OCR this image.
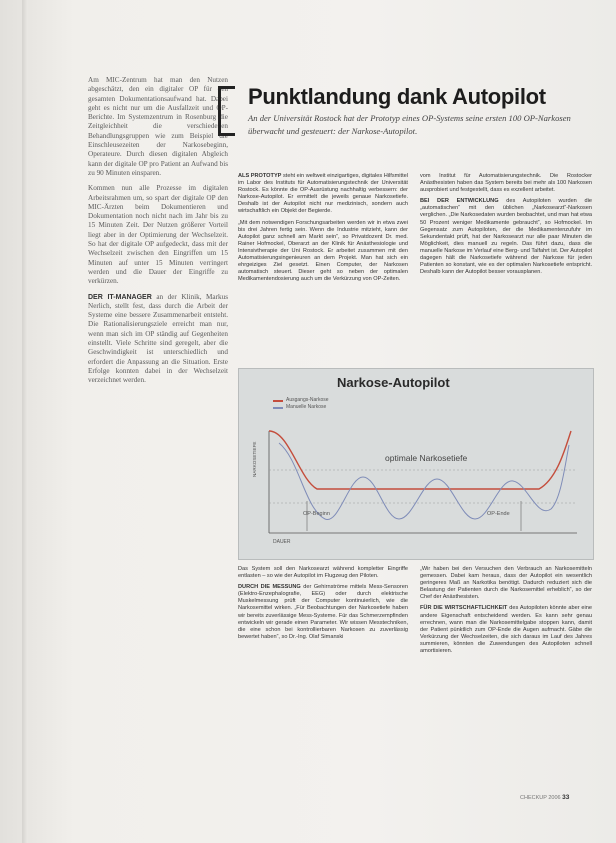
Am MIC-Zentrum hat man den Nutzen abgeschätzt, den ein digitaler OP für den gesamten Dokumentationsaufwand hat. Dabei geht es nicht nur um die Ausfallzeit und OP-Berichte. Im Systemzentrum in Rosenburg die Zeitgleichheit die verschiedenen Behandlungsgruppen wie zum Beispiel die Einschleusezeiten der Narkosebeginn, Operateure. Durch diesen digitalen Abgleich kann der digitale OP pro Patient an Aufwand bis zu 90 Minuten einsparen.

Kommen nun alle Prozesse im digitalen Arbeitsrahmen um, so spart der digitale OP den MIC-Ärzten beim Dokumentieren und Dokumentation noch nicht nach im Jahr bis zu 15 Minuten Zeit. Der Nutzen größerer Vorteil liegt aber in der Optimierung der Wechselzeit. So hat der digitale OP aufgedeckt, dass mit der Wechselzeit zwischen den Eingriffen um 15 Minuten auf unter 15 Minuten verringert werden und die Dauer der Eingriffe zu verkürzen.

DER IT-MANAGER an der Klinik, Markus Nerlich, stellt fest, dass durch die Arbeit der Systeme eine bessere Zusammenarbeit entsteht. Die Rationalisierungsziele erreicht man nur, wenn man sich im OP ständig auf Gegenheiten einstellt. Viele Schritte sind geregelt, aber die Geschwindigkeit ist unterschiedlich und erfordert die Anpassung an die Situation. Erste Erfolge konnten dabei in der Wechselzeit verzeichnet werden.

Punktlandung dank Autopilot
An der Universität Rostock hat der Prototyp eines OP-Systems seine ersten 100 OP-Narkosen überwacht und gesteuert: der Narkose-Autopilot.

ALS PROTOTYP steht ein weltweit einzigartiges, digitales Hilfsmittel im Labor des Instituts für Automatisierungstechnik der Universität Rostock. Es könnte die OP-Ausrüstung nachhaltig verbessern: der Narkose-Autopilot. Er ermittelt die jeweils genaue Narkosetiefe. Deshalb ist der Autopilot nicht nur medizinisch, sondern auch wirtschaftlich ein Objekt der Begierde.

„Mit dem notwendigen Forschungsarbeiten werden wir in etwa zwei bis drei Jahren fertig sein. Wenn die Industrie mitzieht, kann der Autopilot ganz schnell am Markt sein“, so Privatdozent Dr. med. Rainer Hofmockel, Oberarzt an der Klinik für Anästhesiologie und Intensivtherapie der Uni Rostock. Er arbeitet zusammen mit den Automatisierungsingenieuren an dem Projekt. Man hat sich ein ehrgeiziges Ziel gesetzt. Einen Computer, der Narkosen automatisch steuert. Dieser geht so neben der optimalen Medikamentendosierung auch um die Verkürzung von OP-Zeiten.

vom Institut für Automatisierungstechnik. Die Rostocker Anästhesisten haben das System bereits bei mehr als 100 Narkosen ausprobiert und festgestellt, dass es exzellent arbeitet.

BEI DER ENTWICKLUNG des Autopiloten wurden die „automatischen“ mit den üblichen „Narkosearzt“-Narkosen verglichen. „Die Narkosedaten wurden beobachtet, und man hat etwa 50 Prozent weniger Medikamente gebraucht“, so Hofmockel. Im Gegensatz zum Autopiloten, der die Medikamentenzufuhr im Sekundentakt prüft, hat der Narkosearzt nur alle paar Minuten die Möglichkeit, dies manuell zu regeln. Das führt dazu, dass die manuelle Narkose im Verlauf eine Berg- und Talfahrt ist. Der Autopilot dagegen hält die Narkosetiefe während der Narkose für jeden Patienten so konstant, wie es der optimalen Narkosetiefe entspricht. Deshalb kann der Autopilot besser vorausplanen.

Narkose-Autopilot
Ausgangs-Narkose
Manuelle Narkose
optimale Narkosetiefe
OP-Beginn	OP-Ende
NARKOSETIEFE
DAUER

Das System soll den Narkosearzt während kompletter Eingriffe entlasten – so wie der Autopilot im Flugzeug den Piloten.

DURCH DIE MESSUNG der Gehirnströme mittels Mess-Sensoren (Elektro-Enzephalografie, EEG) oder durch elektrische Muskelmessung prüft der Computer kontinuierlich, wie die Narkosemittel wirken. „Für Beobachtungen der Narkosetiefe haben wir bereits zuverlässige Mess-Systeme. Für das Schmerzempfinden entwickeln wir gerade einen Parameter. Wir wissen Messtechniken, die eine schon bei kontrollierbaren Narkosen zu zuverlässig bewertet haben“, so Dr.-Ing. Olaf Simanski

„Wir haben bei den Versuchen den Verbrauch an Narkosemitteln gemessen. Dabei kam heraus, dass der Autopilot ein wesentlich geringeres Maß an Narkotika benötigt. Dadurch reduziert sich die Belastung der Patienten durch die Narkosemittel erheblich“, so der Chef der Anästhesisten.

FÜR DIE WIRTSCHAFTLICHKEIT des Autopiloten könnte aber eine andere Eigenschaft entscheidend werden. Es kann sehr genau errechnen, wann man die Narkosemittelgabe stoppen kann, damit der Patient pünktlich zum OP-Ende die Augen aufmacht. Gäbe die Verkürzung der Wechselzeiten, die sich daraus im Lauf des Jahres summieren, könnten die Zuwendungen des Autopiloten schnell amortisieren.

CHECKUP 2006 33
